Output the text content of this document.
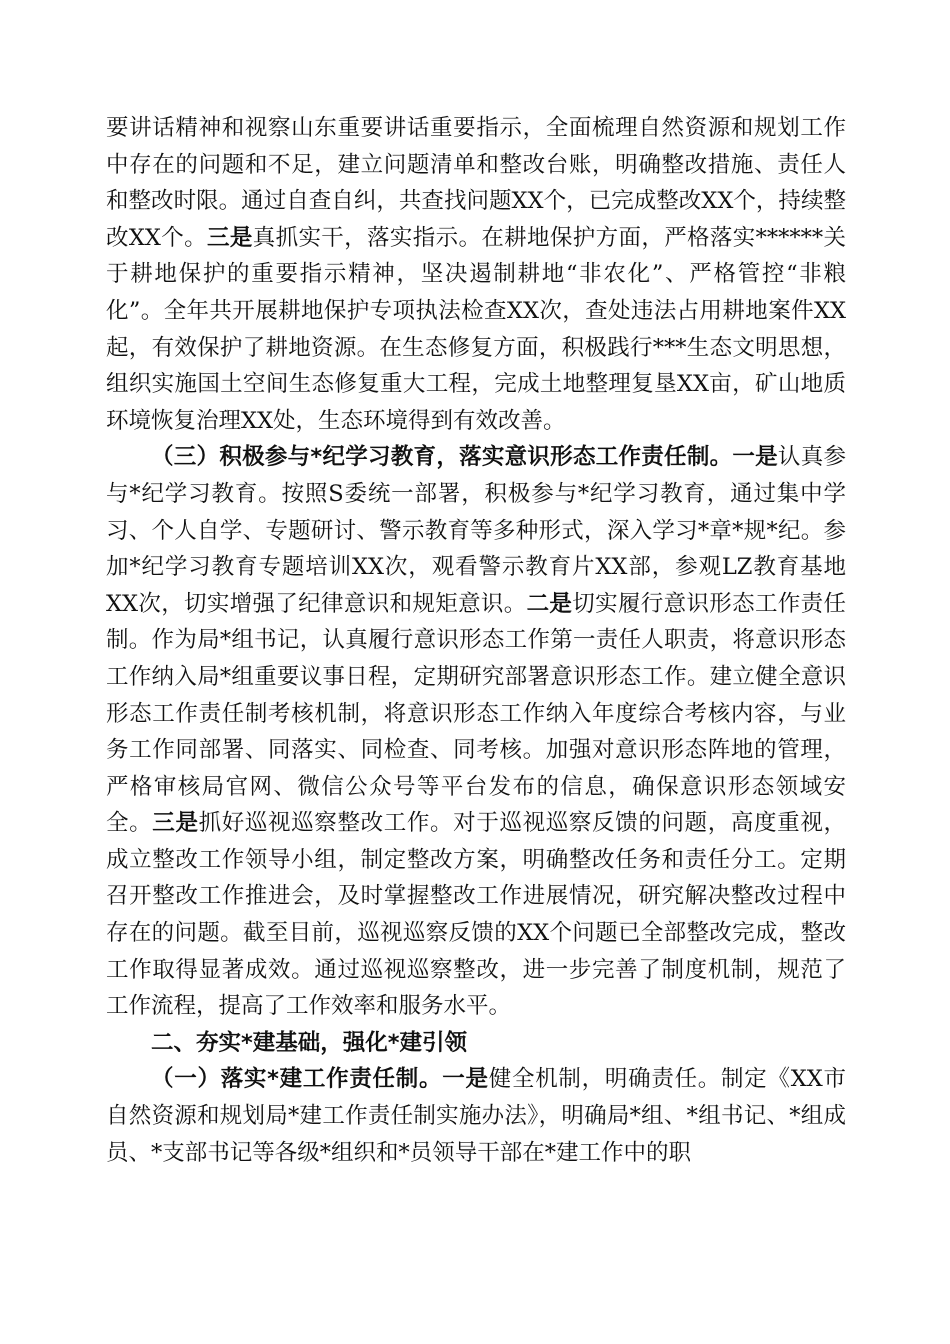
要讲话精神和视察山东重要讲话重要指示，全面梳理自然资源和规划工作中存在的问题和不足，建立问题清单和整改台账，明确整改措施、责任人和整改时限。通过自查自纠，共查找问题XX个，已完成整改XX个，持续整改XX个。三是真抓实干，落实指示。在耕地保护方面，严格落实******关于耕地保护的重要指示精神，坚决遏制耕地“非农化”、严格管控“非粮化”。全年共开展耕地保护专项执法检查XX次，查处违法占用耕地案件XX起，有效保护了耕地资源。在生态修复方面，积极践行***生态文明思想，组织实施国土空间生态修复重大工程，完成土地整理复垦XX亩，矿山地质环境恢复治理XX处，生态环境得到有效改善。

（三）积极参与*纪学习教育，落实意识形态工作责任制。一是认真参与*纪学习教育。按照S委统一部署，积极参与*纪学习教育，通过集中学习、个人自学、专题研讨、警示教育等多种形式，深入学习*章*规*纪。参加*纪学习教育专题培训XX次，观看警示教育片XX部，参观LZ教育基地XX次，切实增强了纪律意识和规矩意识。二是切实履行意识形态工作责任制。作为局*组书记，认真履行意识形态工作第一责任人职责，将意识形态工作纳入局*组重要议事日程，定期研究部署意识形态工作。建立健全意识形态工作责任制考核机制，将意识形态工作纳入年度综合考核内容，与业务工作同部署、同落实、同检查、同考核。加强对意识形态阵地的管理，严格审核局官网、微信公众号等平台发布的信息，确保意识形态领域安全。三是抓好巡视巡察整改工作。对于巡视巡察反馈的问题，高度重视，成立整改工作领导小组，制定整改方案，明确整改任务和责任分工。定期召开整改工作推进会，及时掌握整改工作进展情况，研究解决整改过程中存在的问题。截至目前，巡视巡察反馈的XX个问题已全部整改完成，整改工作取得显著成效。通过巡视巡察整改，进一步完善了制度机制，规范了工作流程，提高了工作效率和服务水平。

二、夯实*建基础，强化*建引领

（一）落实*建工作责任制。一是健全机制，明确责任。制定《XX市自然资源和规划局*建工作责任制实施办法》，明确局*组、*组书记、*组成员、*支部书记等各级*组织和*员领导干部在*建工作中的职
